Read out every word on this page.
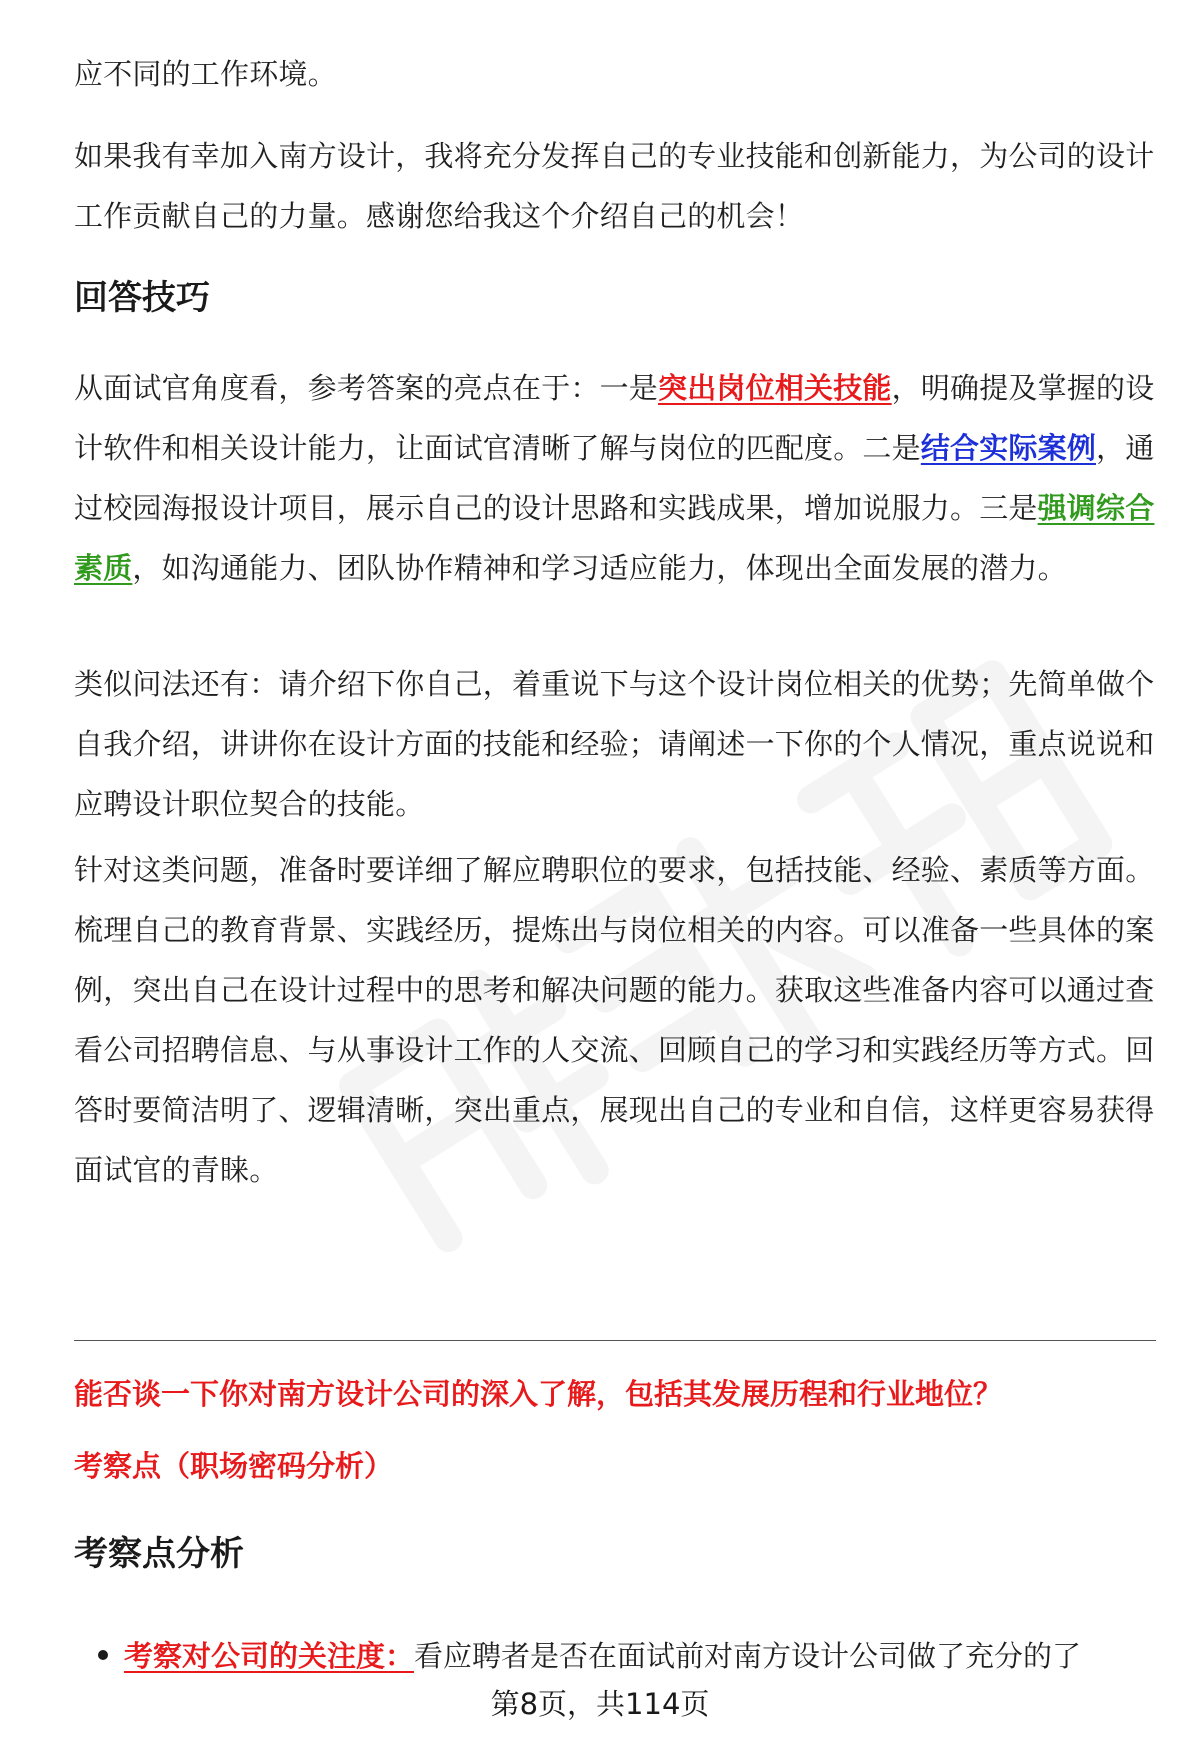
应不同的工作环境。

如果我有幸加入南方设计，我将充分发挥自己的专业技能和创新能力，为公司的设计工作贡献自己的力量。感谢您给我这个介绍自己的机会！

回答技巧

从面试官角度看，参考答案的亮点在于：一是突出岗位相关技能，明确提及掌握的设计软件和相关设计能力，让面试官清晰了解与岗位的匹配度。二是结合实际案例，通过校园海报设计项目，展示自己的设计思路和实践成果，增加说服力。三是强调综合素质，如沟通能力、团队协作精神和学习适应能力，体现出全面发展的潜力。

类似问法还有：请介绍下你自己，着重说下与这个设计岗位相关的优势；先简单做个自我介绍，讲讲你在设计方面的技能和经验；请阐述一下你的个人情况，重点说说和应聘设计职位契合的技能。

针对这类问题，准备时要详细了解应聘职位的要求，包括技能、经验、素质等方面。梳理自己的教育背景、实践经历，提炼出与岗位相关的内容。可以准备一些具体的案例，突出自己在设计过程中的思考和解决问题的能力。获取这些准备内容可以通过查看公司招聘信息、与从事设计工作的人交流、回顾自己的学习和实践经历等方式。回答时要简洁明了、逻辑清晰，突出重点，展现出自己的专业和自信，这样更容易获得面试官的青睐。

能否谈一下你对南方设计公司的深入了解，包括其发展历程和行业地位？

考察点（职场密码分析）

考察点分析
考察对公司的关注度：看应聘者是否在面试前对南方设计公司做了充分的了
第8页，共114页
